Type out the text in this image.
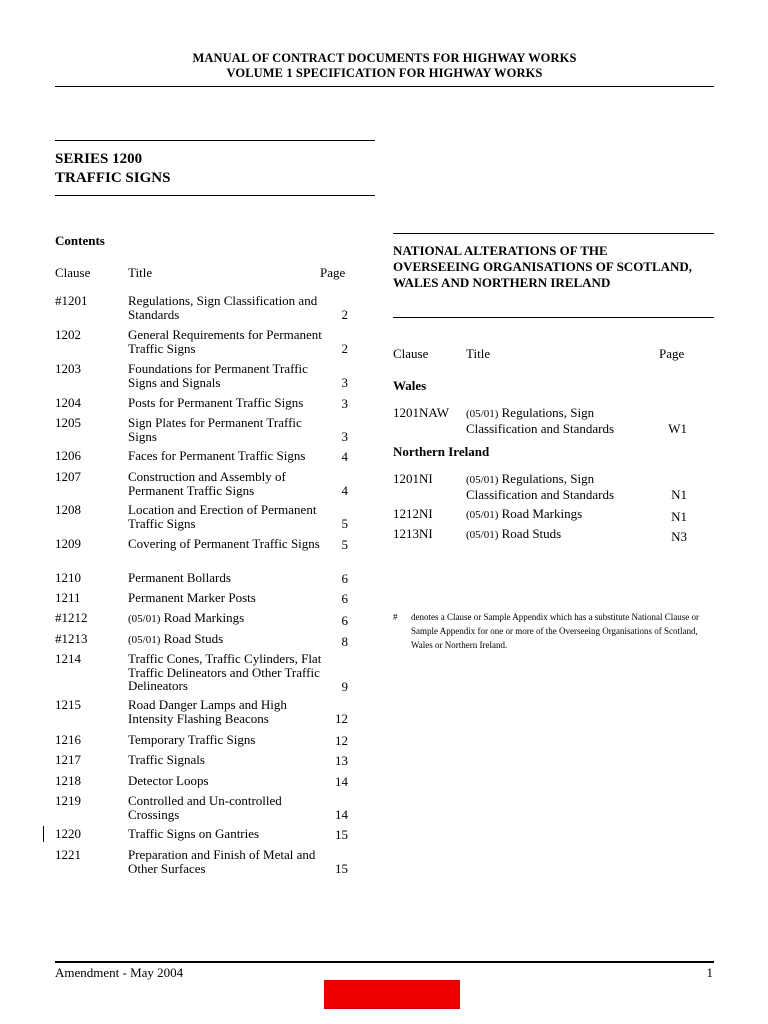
MANUAL OF CONTRACT DOCUMENTS FOR HIGHWAY WORKS
VOLUME 1 SPECIFICATION FOR HIGHWAY WORKS
SERIES 1200
TRAFFIC SIGNS
Contents
Clause	Title	Page
#1201	Regulations, Sign Classification and Standards	2
1202	General Requirements for Permanent Traffic Signs	2
1203	Foundations for Permanent Traffic Signs and Signals	3
1204	Posts for Permanent Traffic Signs	3
1205	Sign Plates for Permanent Traffic Signs	3
1206	Faces for Permanent Traffic Signs	4
1207	Construction and Assembly of Permanent Traffic Signs	4
1208	Location and Erection of Permanent Traffic Signs	5
1209	Covering of Permanent Traffic Signs 5
1210	Permanent Bollards	6
1211	Permanent Marker Posts	6
#1212	(05/01) Road Markings	6
#1213	(05/01) Road Studs	8
1214	Traffic Cones, Traffic Cylinders, Flat Traffic Delineators and Other Traffic Delineators	9
1215	Road Danger Lamps and High Intensity Flashing Beacons	12
1216	Temporary Traffic Signs	12
1217	Traffic Signals	13
1218	Detector Loops	14
1219	Controlled and Un-controlled Crossings	14
1220	Traffic Signs on Gantries	15
1221	Preparation and Finish of Metal and Other Surfaces	15
NATIONAL ALTERATIONS OF THE OVERSEEING ORGANISATIONS OF SCOTLAND, WALES AND NORTHERN IRELAND
Clause	Title	Page
Wales
1201NAW (05/01) Regulations, Sign Classification and Standards	W1
Northern Ireland
1201NI	(05/01) Regulations, Sign Classification and Standards	N1
1212NI	(05/01) Road Markings	N1
1213NI	(05/01) Road Studs	N3
# denotes a Clause or Sample Appendix which has a substitute National Clause or Sample Appendix for one or more of the Overseeing Organisations of Scotland, Wales or Northern Ireland.
Amendment - May 2004	1
